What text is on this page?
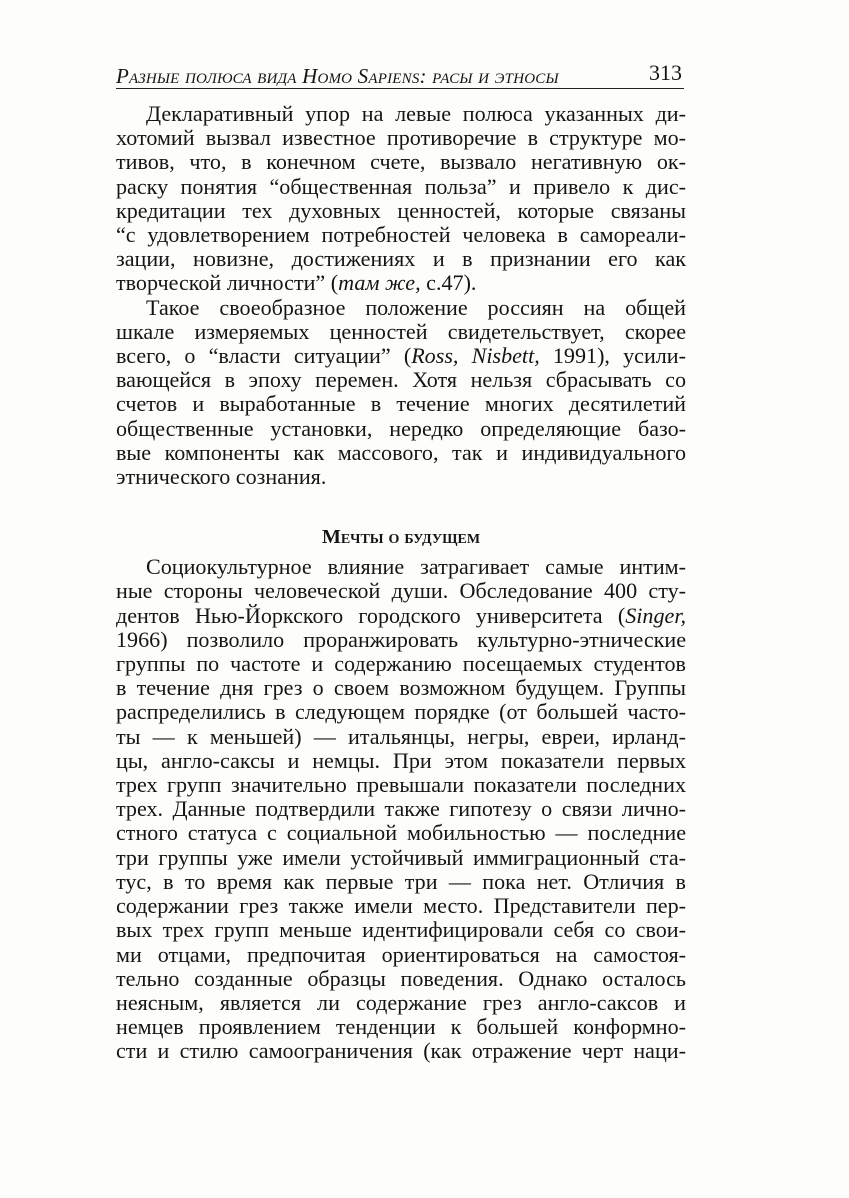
Разные полюса вида Homo Sapiens: расы и этносы	313
Декларативный упор на левые полюса указанных ди-
хотомий вызвал известное противоречие в структуре мо-
тивов, что, в конечном счете, вызвало негативную ок-
раску понятия “общественная польза” и привело к дис-
кредитации тех духовных ценностей, которые связаны
“с удовлетворением потребностей человека в самореали-
зации, новизне, достижениях и в признании его как
творческой личности” (там же, с.47).
Такое своеобразное положение россиян на общей
шкале измеряемых ценностей свидетельствует, скорее
всего, о “власти ситуации” (Ross, Nisbett, 1991), усили-
вающейся в эпоху перемен. Хотя нельзя сбрасывать со
счетов и выработанные в течение многих десятилетий
общественные установки, нередко определяющие базо-
вые компоненты как массового, так и индивидуального
этнического сознания.
Мечты о будущем
Социокультурное влияние затрагивает самые интим-
ные стороны человеческой души. Обследование 400 сту-
дентов Нью-Йоркского городского университета (Singer,
1966) позволило проранжировать культурно-этнические
группы по частоте и содержанию посещаемых студентов
в течение дня грез о своем возможном будущем. Группы
распределились в следующем порядке (от большей часто-
ты — к меньшей) — итальянцы, негры, евреи, ирланд-
цы, англо-саксы и немцы. При этом показатели первых
трех групп значительно превышали показатели последних
трех. Данные подтвердили также гипотезу о связи лично-
стного статуса с социальной мобильностью — последние
три группы уже имели устойчивый иммиграционный ста-
тус, в то время как первые три — пока нет. Отличия в
содержании грез также имели место. Представители пер-
вых трех групп меньше идентифицировали себя со свои-
ми отцами, предпочитая ориентироваться на самостоя-
тельно созданные образцы поведения. Однако осталось
неясным, является ли содержание грез англо-саксов и
немцев проявлением тенденции к большей конформно-
сти и стилю самоограничения (как отражение черт наци-
